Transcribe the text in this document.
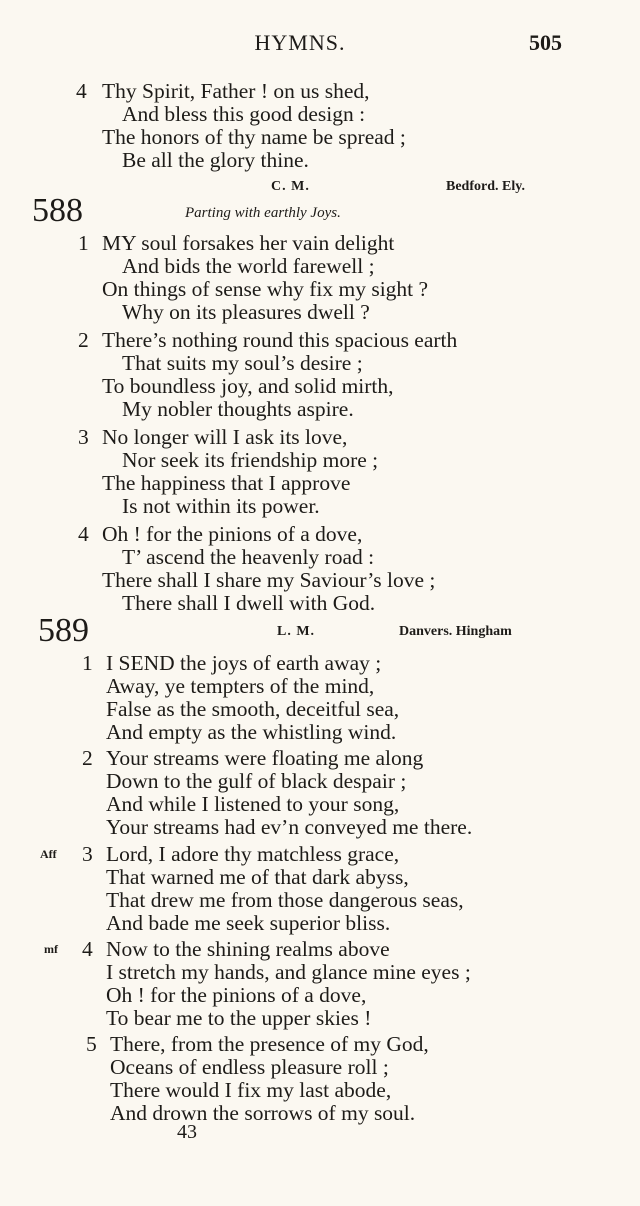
HYMNS.	505
4 Thy Spirit, Father ! on us shed,
And bless this good design :
The honors of thy name be spread ;
Be all the glory thine.
C. M.	Bedford. Ely.
588	Parting with earthly Joys.
1 MY soul forsakes her vain delight
And bids the world farewell ;
On things of sense why fix my sight ?
Why on its pleasures dwell ?
2 There’s nothing round this spacious earth
That suits my soul’s desire ;
To boundless joy, and solid mirth,
My nobler thoughts aspire.
3 No longer will I ask its love,
Nor seek its friendship more ;
The happiness that I approve
Is not within its power.
4 Oh ! for the pinions of a dove,
T’ ascend the heavenly road :
There shall I share my Saviour’s love ;
There shall I dwell with God.
589	L. M.	Danvers. Hingham
1 I SEND the joys of earth away ;
Away, ye tempters of the mind,
False as the smooth, deceitful sea,
And empty as the whistling wind.
2 Your streams were floating me along
Down to the gulf of black despair ;
And while I listened to your song,
Your streams had ev’n conveyed me there.
Aff 3 Lord, I adore thy matchless grace,
That warned me of that dark abyss,
That drew me from those dangerous seas,
And bade me seek superior bliss.
mf 4 Now to the shining realms above
I stretch my hands, and glance mine eyes ;
Oh ! for the pinions of a dove,
To bear me to the upper skies !
5 There, from the presence of my God,
Oceans of endless pleasure roll ;
There would I fix my last abode,
And drown the sorrows of my soul.
43
